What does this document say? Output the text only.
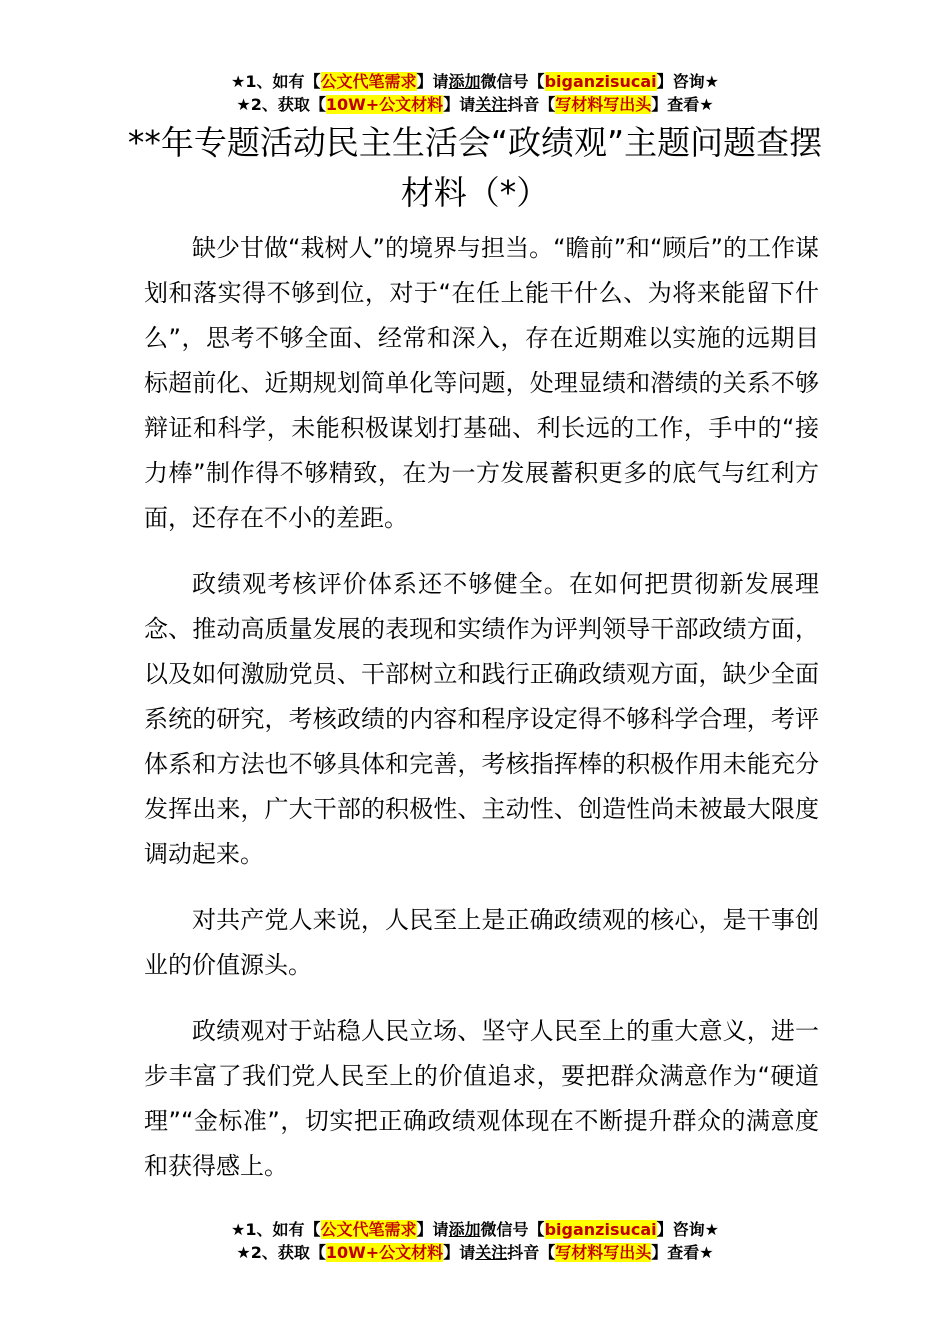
★1、如有【公文代笔需求】请添加微信号【biganzisucai】咨询★
★2、获取【10W+公文材料】请关注抖音【写材料写出头】查看★
**年专题活动民主生活会“政绩观”主题问题查摆材料（*）

缺少甘做“栽树人”的境界与担当。“瞻前”和“顾后”的工作谋划和落实得不够到位，对于“在任上能干什么、为将来能留下什么”，思考不够全面、经常和深入，存在近期难以实施的远期目标超前化、近期规划简单化等问题，处理显绩和潜绩的关系不够辩证和科学，未能积极谋划打基础、利长远的工作，手中的“接力棒”制作得不够精致，在为一方发展蓄积更多的底气与红利方面，还存在不小的差距。

政绩观考核评价体系还不够健全。在如何把贯彻新发展理念、推动高质量发展的表现和实绩作为评判领导干部政绩方面，以及如何激励党员、干部树立和践行正确政绩观方面，缺少全面系统的研究，考核政绩的内容和程序设定得不够科学合理，考评体系和方法也不够具体和完善，考核指挥棒的积极作用未能充分发挥出来，广大干部的积极性、主动性、创造性尚未被最大限度调动起来。

对共产党人来说，人民至上是正确政绩观的核心，是干事创业的价值源头。

政绩观对于站稳人民立场、坚守人民至上的重大意义，进一步丰富了我们党人民至上的价值追求，要把群众满意作为“硬道理”“金标准”，切实把正确政绩观体现在不断提升群众的满意度和获得感上。

★1、如有【公文代笔需求】请添加微信号【biganzisucai】咨询★
★2、获取【10W+公文材料】请关注抖音【写材料写出头】查看★
